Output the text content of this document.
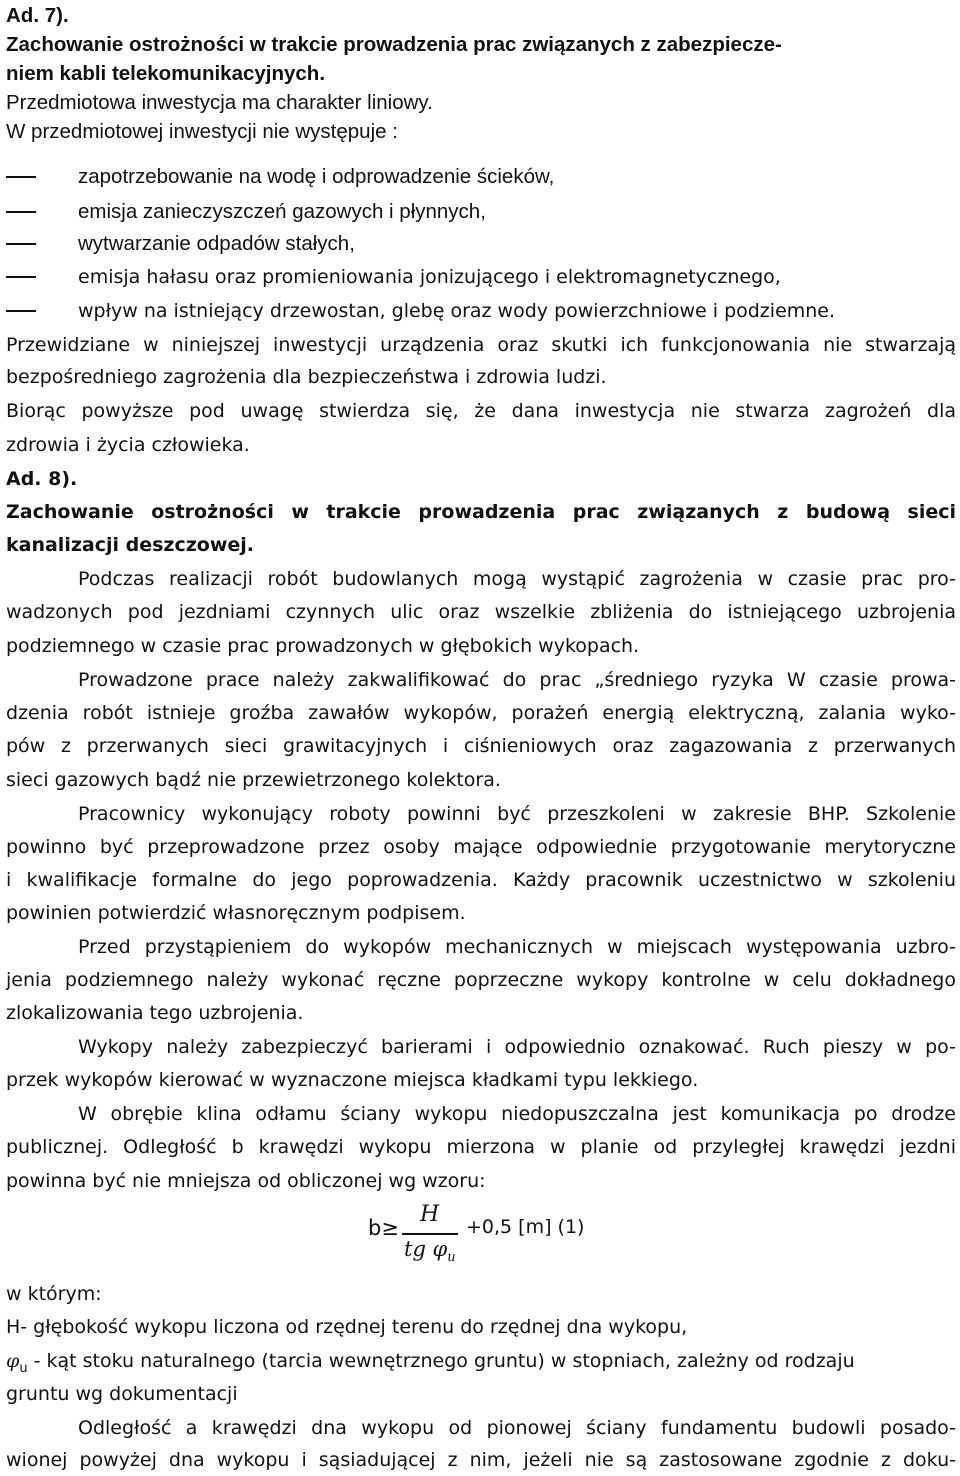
Ad. 7).
Zachowanie ostrożności w trakcie prowadzenia prac związanych z zabezpiecze-
niem kabli telekomunikacyjnych.
Przedmiotowa inwestycja ma charakter liniowy.
W przedmiotowej inwestycji nie występuje :
zapotrzebowanie na wodę i odprowadzenie ścieków,
emisja zanieczyszczeń gazowych i płynnych,
wytwarzanie odpadów stałych,
emisja hałasu oraz promieniowania jonizującego i elektromagnetycznego,
wpływ na istniejący drzewostan, glebę oraz wody powierzchniowe i podziemne.
Przewidziane w niniejszej inwestycji urządzenia oraz skutki ich funkcjonowania nie stwarzają
bezpośredniego zagrożenia dla bezpieczeństwa i zdrowia ludzi.
Biorąc powyższe pod uwagę stwierdza się, że dana inwestycja nie stwarza zagrożeń dla
zdrowia i życia człowieka.
Ad. 8).
Zachowanie ostrożności w trakcie prowadzenia prac związanych z budową sieci
kanalizacji deszczowej.
Podczas realizacji robót budowlanych mogą wystąpić zagrożenia w czasie prac pro-
wadzonych pod jezdniami czynnych ulic oraz wszelkie zbliżenia do istniejącego uzbrojenia
podziemnego w czasie prac prowadzonych w głębokich wykopach.
Prowadzone prace należy zakwalifikować do prac „średniego ryzyka W czasie prowa-
dzenia robót istnieje groźba zawałów wykopów, porażeń energią elektryczną, zalania wyko-
pów z przerwanych sieci grawitacyjnych i ciśnieniowych oraz zagazowania z przerwanych
sieci gazowych bądź nie przewietrzonego kolektora.
Pracownicy wykonujący roboty powinni być przeszkoleni w zakresie BHP. Szkolenie
powinno być przeprowadzone przez osoby mające odpowiednie przygotowanie merytoryczne
i kwalifikacje formalne do jego poprowadzenia. Każdy pracownik uczestnictwo w szkoleniu
powinien potwierdzić własnoręcznym podpisem.
Przed przystąpieniem do wykopów mechanicznych w miejscach występowania uzbro-
jenia podziemnego należy wykonać ręczne poprzeczne wykopy kontrolne w celu dokładnego
zlokalizowania tego uzbrojenia.
Wykopy należy zabezpieczyć barierami i odpowiednio oznakować. Ruch pieszy w po-
przek wykopów kierować w wyznaczone miejsca kładkami typu lekkiego.
W obrębie klina odłamu ściany wykopu niedopuszczalna jest komunikacja po drodze
publicznej. Odległość b krawędzi wykopu mierzona w planie od przyległej krawędzi jezdni
powinna być nie mniejsza od obliczonej wg wzoru:
b≥
H
tg $\varphi_u$
+0,5 [m] (1)
w którym:
H- głębokość wykopu liczona od rzędnej terenu do rzędnej dna wykopu,
$\varphi_u$ - kąt stoku naturalnego (tarcia wewnętrznego gruntu) w stopniach, zależny od rodzaju
gruntu wg dokumentacji
Odległość a krawędzi dna wykopu od pionowej ściany fundamentu budowli posado-
wionej powyżej dna wykopu i sąsiadującej z nim, jeżeli nie są zastosowane zgodnie z doku-
